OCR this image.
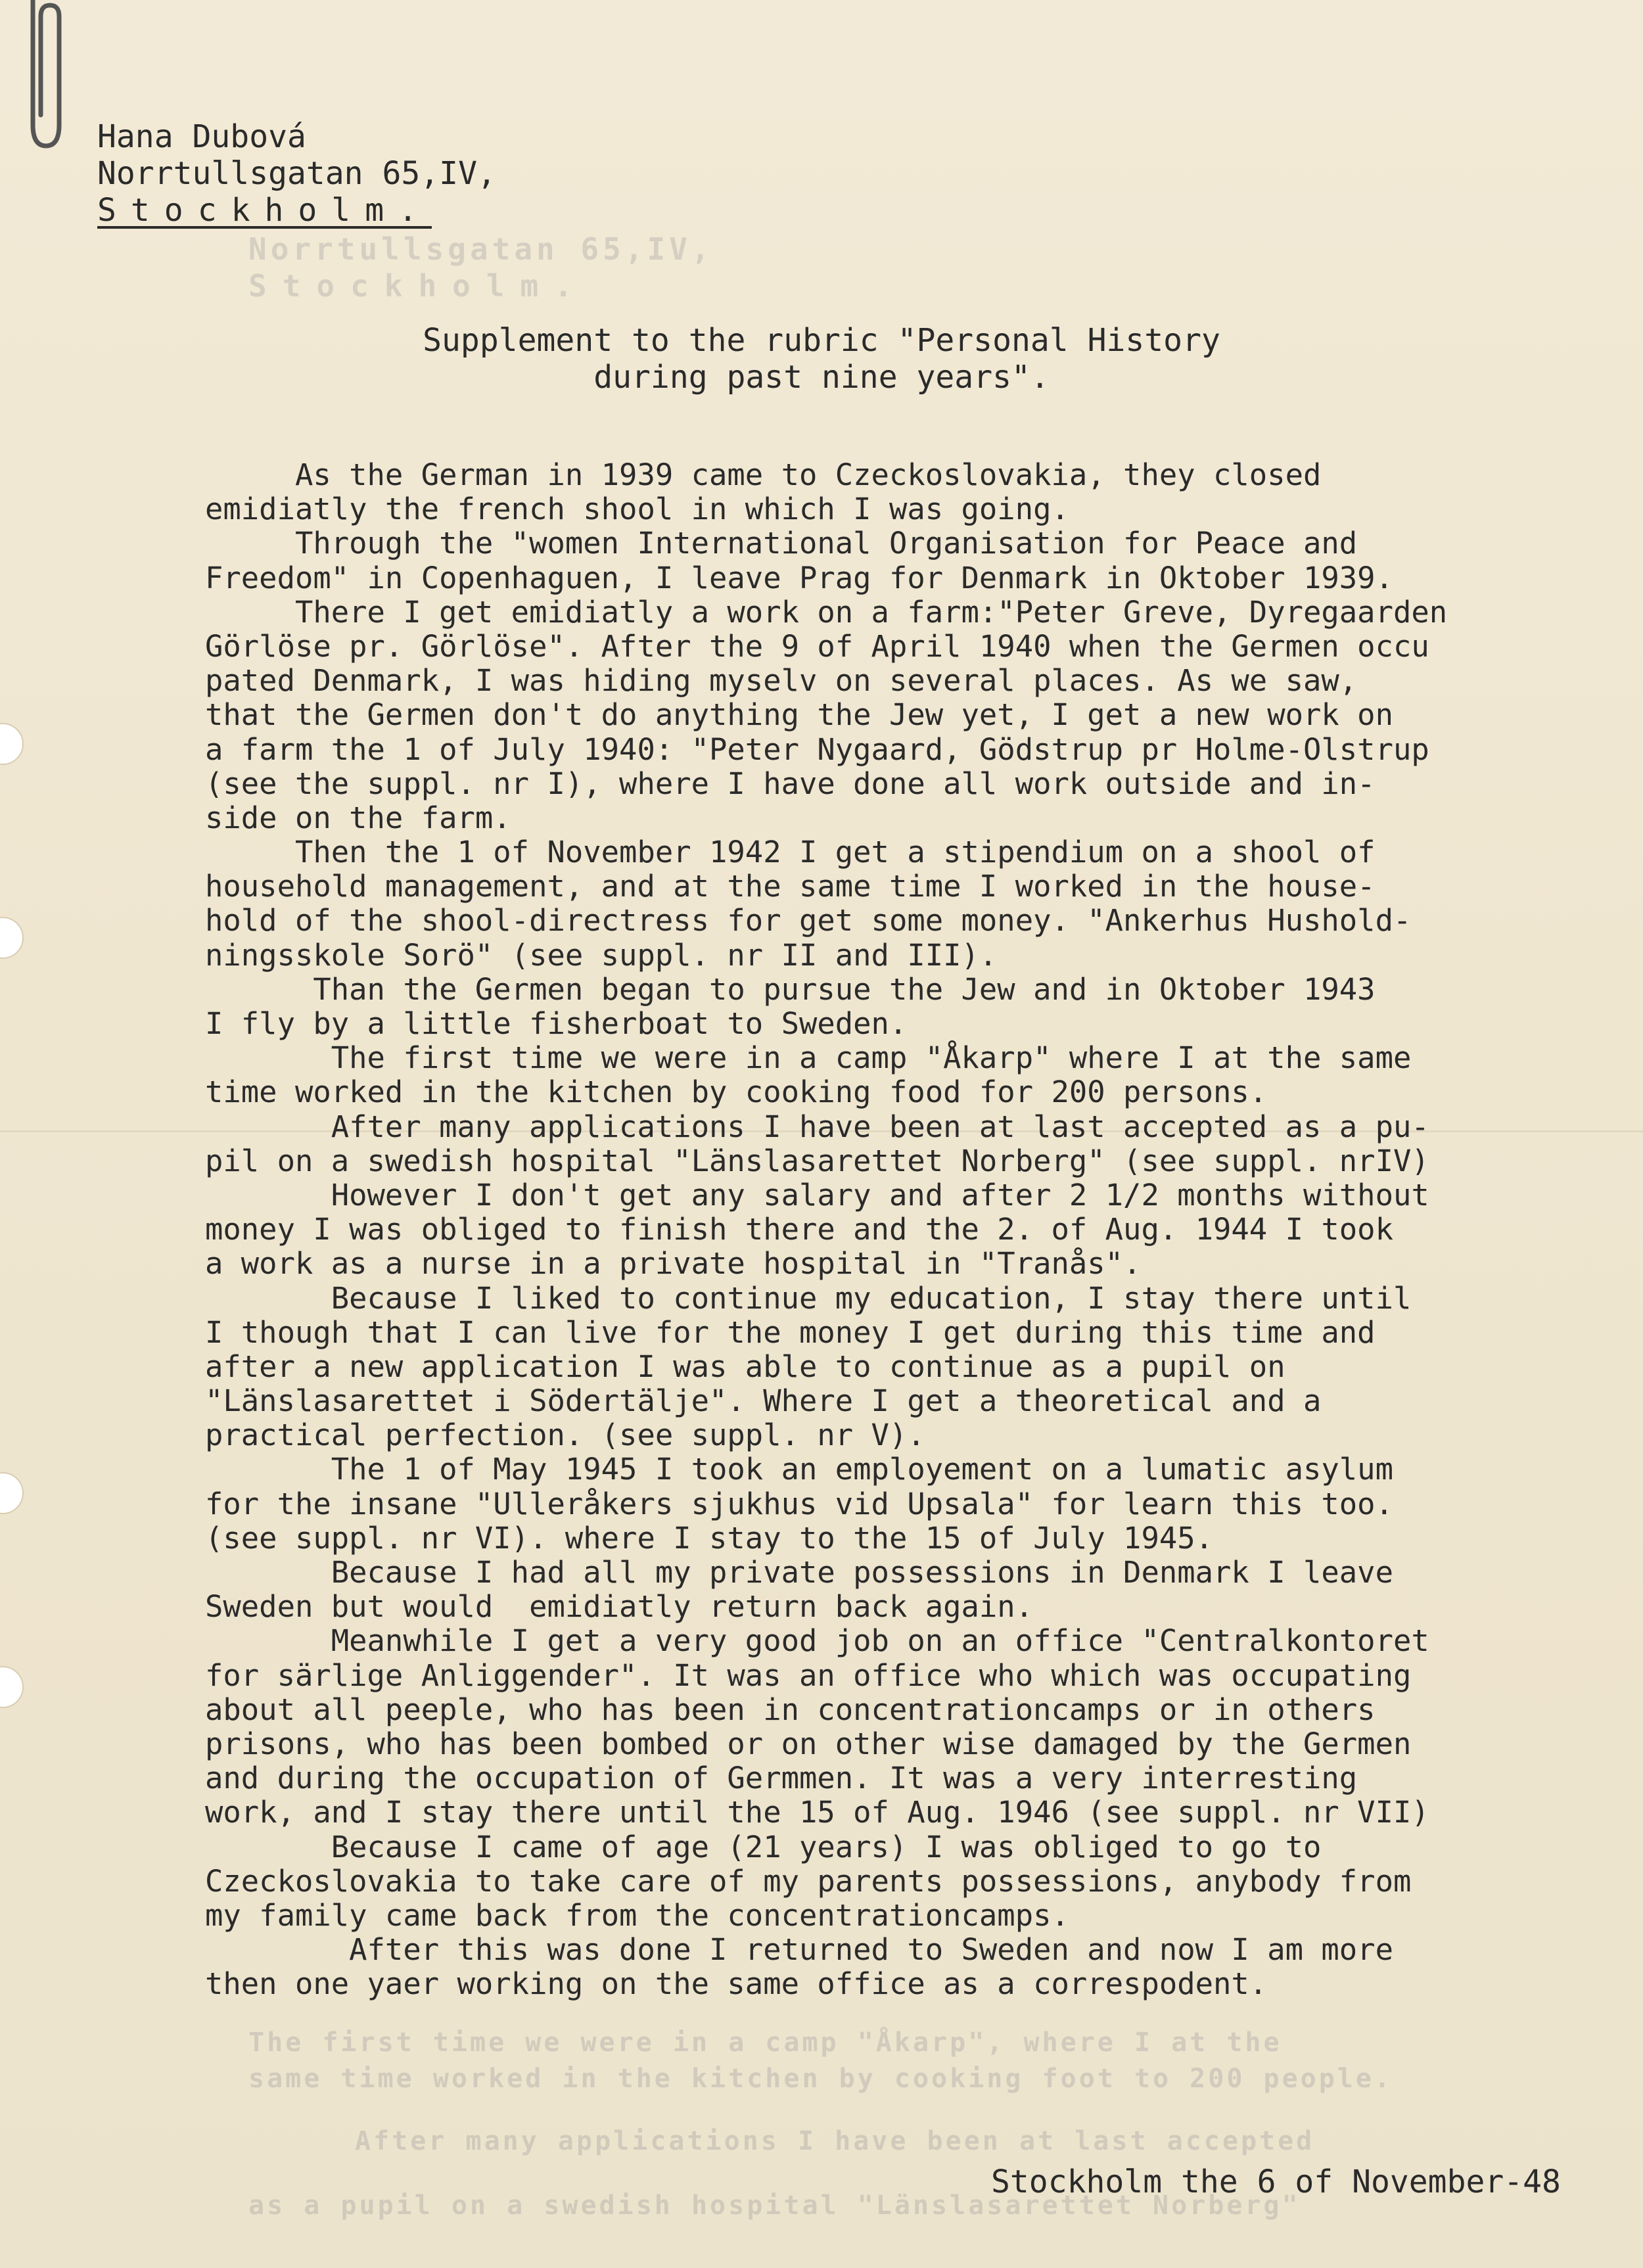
Norrtullsgatan 65,IV,
Stockholm.
The first time we were in a camp "Åkarp", where I at the
same time worked in the kitchen by cooking foot to 200 people.
After many applications I have been at last accepted
as a pupil on a swedish hospital "Länslasarettet Norberg"
Hana Dubová
Norrtullsgatan 65,IV,
Stockholm.
Supplement to the rubric "Personal History
during past nine years".
As the German in 1939 came to Czeckoslovakia, they closed
emidiatly the french shool in which I was going.
Through the "women International Organisation for Peace and
Freedom" in Copenhaguen, I leave Prag for Denmark in Oktober 1939.
There I get emidiatly a work on a farm:"Peter Greve, Dyregaarden
Görlöse pr. Görlöse". After the 9 of April 1940 when the Germen occu
pated Denmark, I was hiding myselv on several places. As we saw,
that the Germen don't do anything the Jew yet, I get a new work on
a farm the 1 of July 1940: "Peter Nygaard, Gödstrup pr Holme-Olstrup
(see the suppl. nr I), where I have done all work outside and in-
side on the farm.
Then the 1 of November 1942 I get a stipendium on a shool of
household management, and at the same time I worked in the house-
hold of the shool-directress for get some money. "Ankerhus Hushold-
ningsskole Sorö" (see suppl. nr II and III).
Than the Germen began to pursue the Jew and in Oktober 1943
I fly by a little fisherboat to Sweden.
The first time we were in a camp "Åkarp" where I at the same
time worked in the kitchen by cooking food for 200 persons.
After many applications I have been at last accepted as a pu-
pil on a swedish hospital "Länslasarettet Norberg" (see suppl. nrIV)
However I don't get any salary and after 2 1/2 months without
money I was obliged to finish there and the 2. of Aug. 1944 I took
a work as a nurse in a private hospital in "Tranås".
Because I liked to continue my education, I stay there until
I though that I can live for the money I get during this time and
after a new application I was able to continue as a pupil on
"Länslasarettet i Södertälje". Where I get a theoretical and a
practical perfection. (see suppl. nr V).
The 1 of May 1945 I took an employement on a lumatic asylum
for the insane "Ulleråkers sjukhus vid Upsala" for learn this too.
(see suppl. nr VI). where I stay to the 15 of July 1945.
Because I had all my private possessions in Denmark I leave
Sweden but would  emidiatly return back again.
Meanwhile I get a very good job on an office "Centralkontoret
for särlige Anliggender". It was an office who which was occupating
about all peeple, who has been in concentrationcamps or in others
prisons, who has been bombed or on other wise damaged by the Germen
and during the occupation of Germmen. It was a very interresting
work, and I stay there until the 15 of Aug. 1946 (see suppl. nr VII)
Because I came of age (21 years) I was obliged to go to
Czeckoslovakia to take care of my parents possessions, anybody from
my family came back from the concentrationcamps.
After this was done I returned to Sweden and now I am more
then one yaer working on the same office as a correspodent.
Stockholm the 6 of November-48
